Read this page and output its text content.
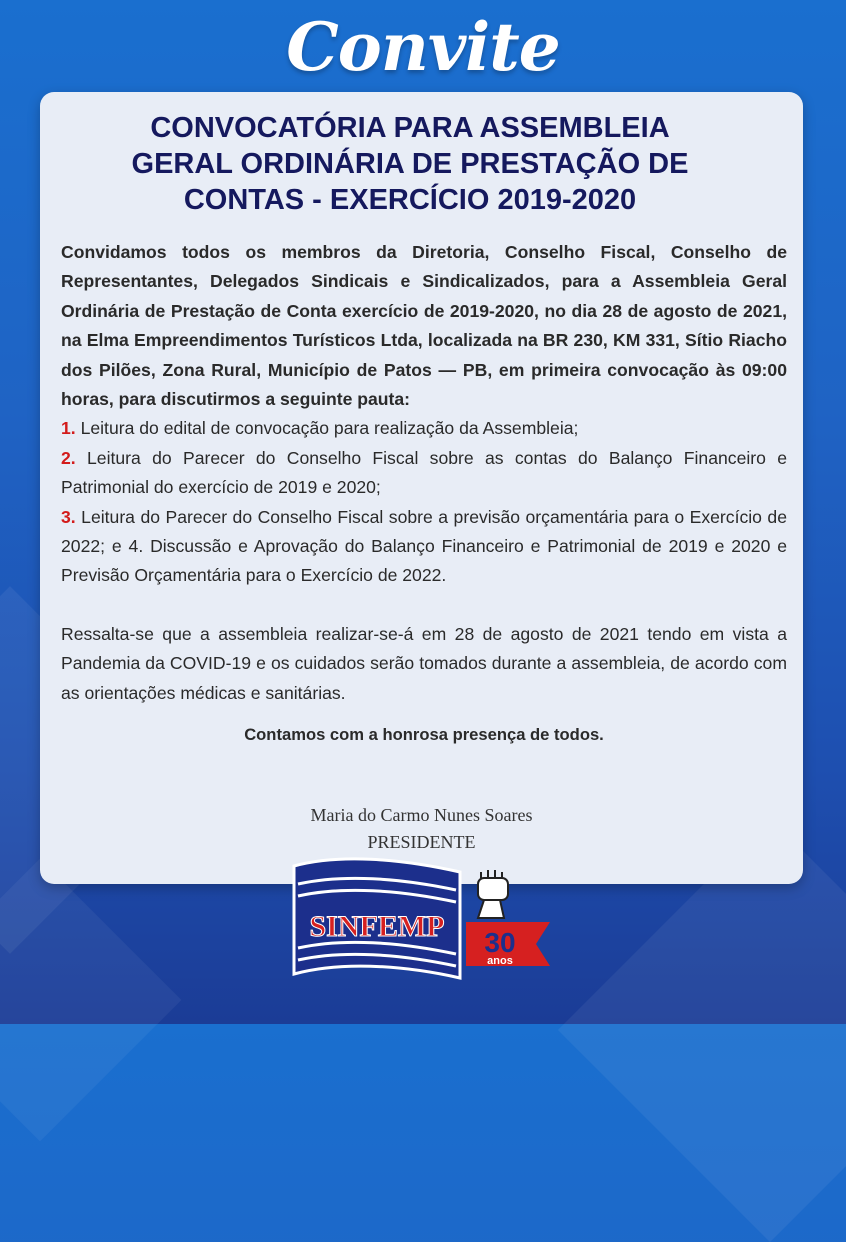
Convite
CONVOCATÓRIA PARA ASSEMBLEIA
GERAL ORDINÁRIA DE PRESTAÇÃO DE
CONTAS - EXERCÍCIO 2019-2020

Convidamos todos os membros da Diretoria, Conselho Fiscal, Conselho de Representantes, Delegados Sindicais e Sindicalizados, para a Assembleia Geral Ordinária de Prestação de Conta exercício de 2019-2020, no dia 28 de agosto de 2021, na Elma Empreendimentos Turísticos Ltda, localizada na BR 230, KM 331, Sítio Riacho dos Pilões, Zona Rural, Município de Patos — PB, em primeira convocação às 09:00 horas, para discutirmos a seguinte pauta:

1. Leitura do edital de convocação para realização da Assembleia;

2. Leitura do Parecer do Conselho Fiscal sobre as contas do Balanço Financeiro e Patrimonial do exercício de 2019 e 2020;

3. Leitura do Parecer do Conselho Fiscal sobre a previsão orçamentária para o Exercício de 2022; e 4. Discussão e Aprovação do Balanço Financeiro e Patrimonial de 2019 e 2020 e Previsão Orçamentária para o Exercício de 2022.

Ressalta-se que a assembleia realizar-se-á em 28 de agosto de 2021 tendo em vista a Pandemia da COVID-19 e os cuidados serão tomados durante a assembleia, de acordo com as orientações médicas e sanitárias.

Contamos com a honrosa presença de todos.

Maria do Carmo Nunes Soares
PRESIDENTE
SINFEMP 30
anos
